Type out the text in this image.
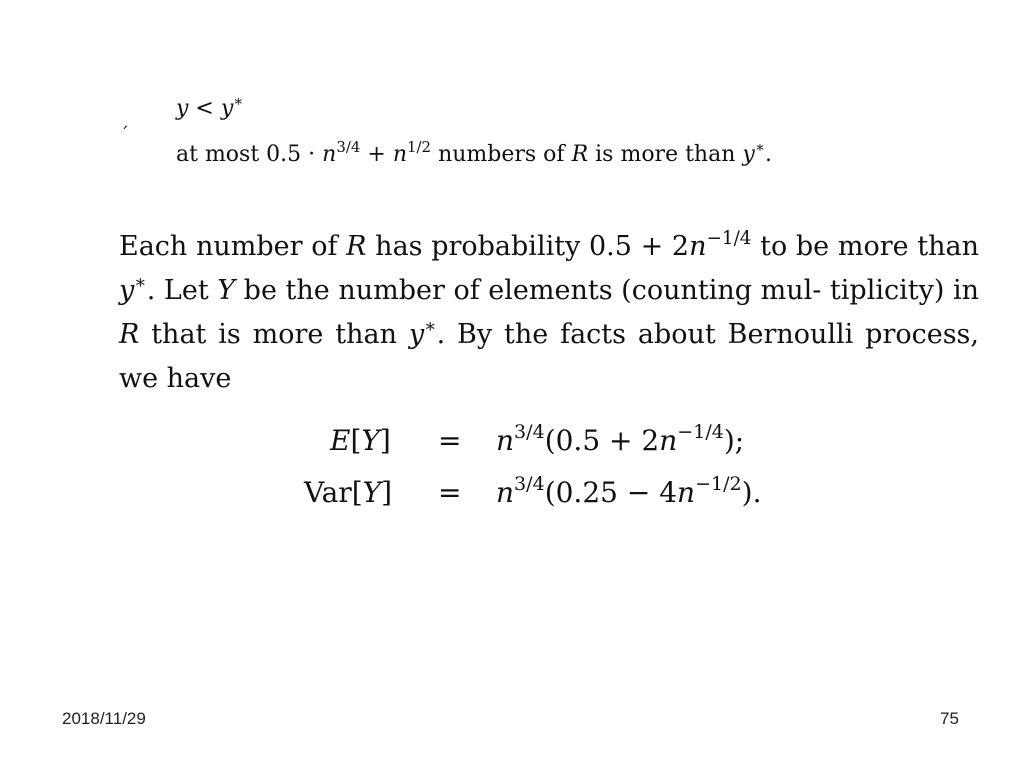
ˊ
y < y∗
at most $0.5 \cdot n^{3/4} + n^{1/2}$ numbers of R is more than y∗.
Each number of R has probability $0.5 + 2n^{-1/4}$ to be more than y∗. Let Y be the number of elements (counting mul- tiplicity) in R that is more than y∗. By the facts about Bernoulli process, we have
$E[Y] = n^{3/4}(0.5 + 2n^{-1/4})$;
$Var[Y] = n^{3/4}(0.25 - 4n^{-1/2})$.
2018/11/29	75
